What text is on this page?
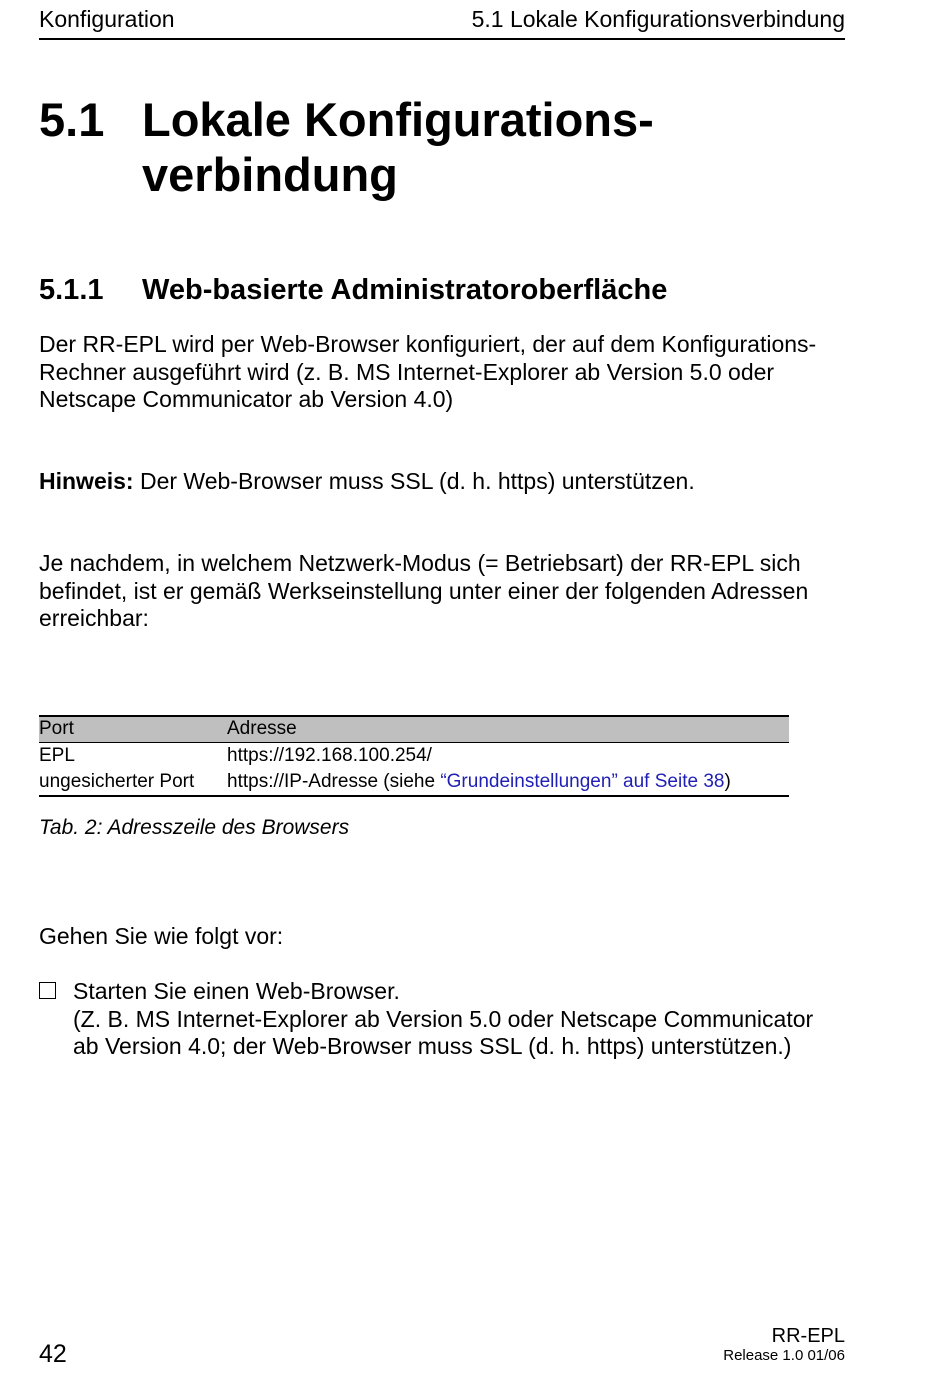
Konfiguration	5.1 Lokale Konfigurationsverbindung
5.1 Lokale Konfigurations-
verbindung
5.1.1 Web-basierte Administratoroberfläche
Der RR-EPL wird per Web-Browser konfiguriert, der auf dem Konfigurations-
Rechner ausgeführt wird (z. B. MS Internet-Explorer ab Version 5.0 oder
Netscape Communicator ab Version 4.0)
Hinweis: Der Web-Browser muss SSL (d. h. https) unterstützen.
Je nachdem, in welchem Netzwerk-Modus (= Betriebsart) der RR-EPL sich
befindet, ist er gemäß Werkseinstellung unter einer der folgenden Adressen
erreichbar:
Port	Adresse
EPL	https://192.168.100.254/
ungesicherter Port	https://IP-Adresse (siehe “Grundeinstellungen” auf Seite 38)
Tab. 2: Adresszeile des Browsers
Gehen Sie wie folgt vor:
Starten Sie einen Web-Browser.
(Z. B. MS Internet-Explorer ab Version 5.0 oder Netscape Communicator
ab Version 4.0; der Web-Browser muss SSL (d. h. https) unterstützen.)
42
RR-EPL
Release 1.0 01/06
